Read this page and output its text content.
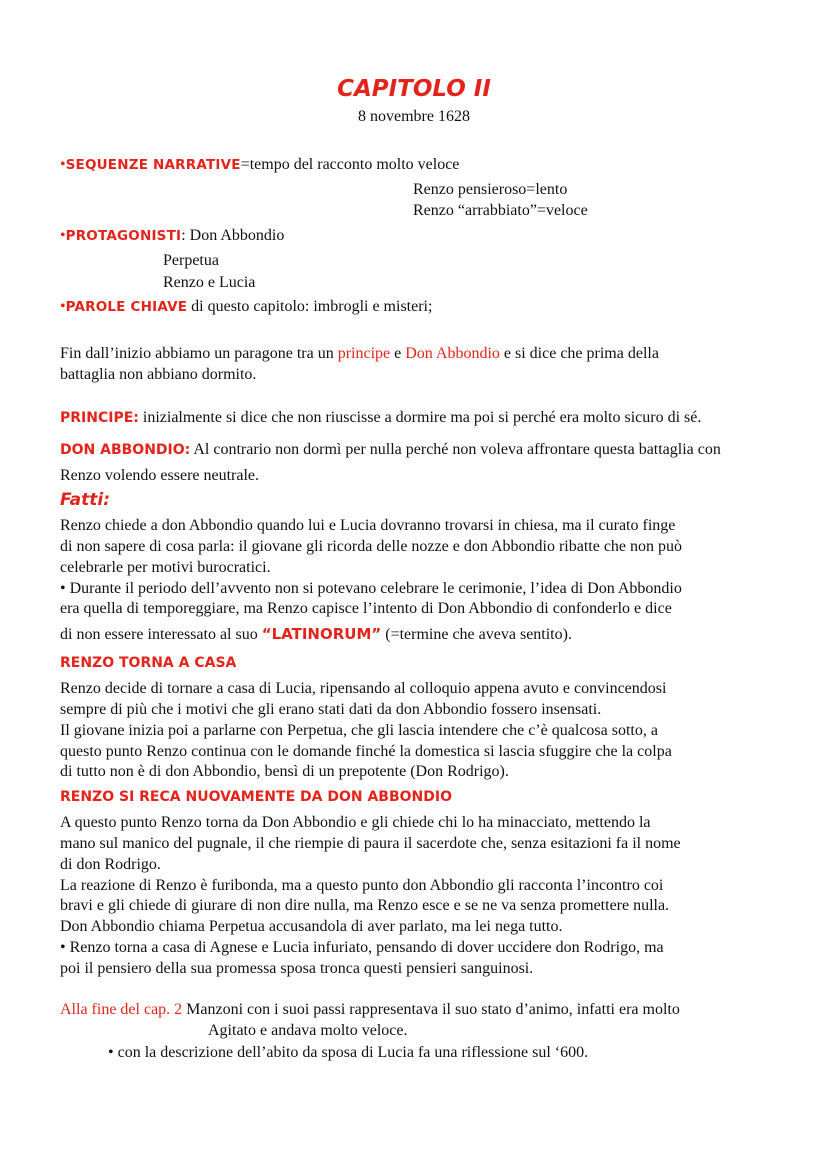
CAPITOLO II
8 novembre 1628
•SEQUENZE NARRATIVE=tempo del racconto molto veloce
Renzo pensieroso=lento
Renzo “arrabbiato”=veloce
•PROTAGONISTI: Don Abbondio
Perpetua
Renzo e Lucia
•PAROLE CHIAVE di questo capitolo: imbrogli e misteri;
Fin dall’inizio abbiamo un paragone tra un principe e Don Abbondio e si dice che prima della
battaglia non abbiano dormito.
PRINCIPE: inizialmente si dice che non riuscisse a dormire ma poi si perché era molto sicuro di sé.
DON ABBONDIO: Al contrario non dormì per nulla perché non voleva affrontare questa battaglia con
Renzo volendo essere neutrale.
Fatti:
Renzo chiede a don Abbondio quando lui e Lucia dovranno trovarsi in chiesa, ma il curato finge
di non sapere di cosa parla: il giovane gli ricorda delle nozze e don Abbondio ribatte che non può
celebrarle per motivi burocratici.
• Durante il periodo dell’avvento non si potevano celebrare le cerimonie, l’idea di Don Abbondio
era quella di temporeggiare, ma Renzo capisce l’intento di Don Abbondio di confonderlo e dice
di non essere interessato al suo “LATINORUM” (=termine che aveva sentito).
RENZO TORNA A CASA
Renzo decide di tornare a casa di Lucia, ripensando al colloquio appena avuto e convincendosi
sempre di più che i motivi che gli erano stati dati da don Abbondio fossero insensati.
Il giovane inizia poi a parlarne con Perpetua, che gli lascia intendere che c’è qualcosa sotto, a
questo punto Renzo continua con le domande finché la domestica si lascia sfuggire che la colpa
di tutto non è di don Abbondio, bensì di un prepotente (Don Rodrigo).
RENZO SI RECA NUOVAMENTE DA DON ABBONDIO
A questo punto Renzo torna da Don Abbondio e gli chiede chi lo ha minacciato, mettendo la
mano sul manico del pugnale, il che riempie di paura il sacerdote che, senza esitazioni fa il nome
di don Rodrigo.
La reazione di Renzo è furibonda, ma a questo punto don Abbondio gli racconta l’incontro coi
bravi e gli chiede di giurare di non dire nulla, ma Renzo esce e se ne va senza promettere nulla.
Don Abbondio chiama Perpetua accusandola di aver parlato, ma lei nega tutto.
• Renzo torna a casa di Agnese e Lucia infuriato, pensando di dover uccidere don Rodrigo, ma
poi il pensiero della sua promessa sposa tronca questi pensieri sanguinosi.
Alla fine del cap. 2 Manzoni con i suoi passi rappresentava il suo stato d’animo, infatti era molto
Agitato e andava molto veloce.
• con la descrizione dell’abito da sposa di Lucia fa una riflessione sul ‘600.
